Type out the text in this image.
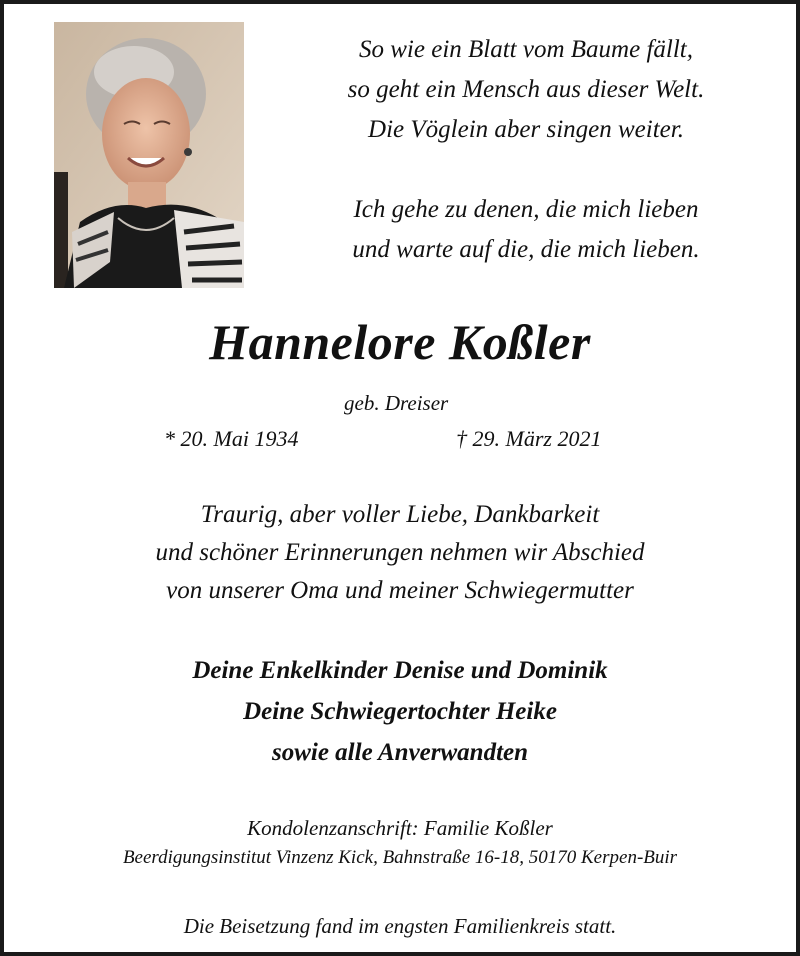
So wie ein Blatt vom Baume fällt,
so geht ein Mensch aus dieser Welt.
Die Vöglein aber singen weiter.
Ich gehe zu denen, die mich lieben
und warte auf die, die mich lieben.
Hannelore Koßler
geb. Dreiser
* 20. Mai 1934	† 29. März 2021
Traurig, aber voller Liebe, Dankbarkeit
und schöner Erinnerungen nehmen wir Abschied
von unserer Oma und meiner Schwiegermutter
Deine Enkelkinder Denise und Dominik
Deine Schwiegertochter Heike
sowie alle Anverwandten
Kondolenzanschrift: Familie Koßler
Beerdigungsinstitut Vinzenz Kick, Bahnstraße 16-18, 50170 Kerpen-Buir
Die Beisetzung fand im engsten Familienkreis statt.
